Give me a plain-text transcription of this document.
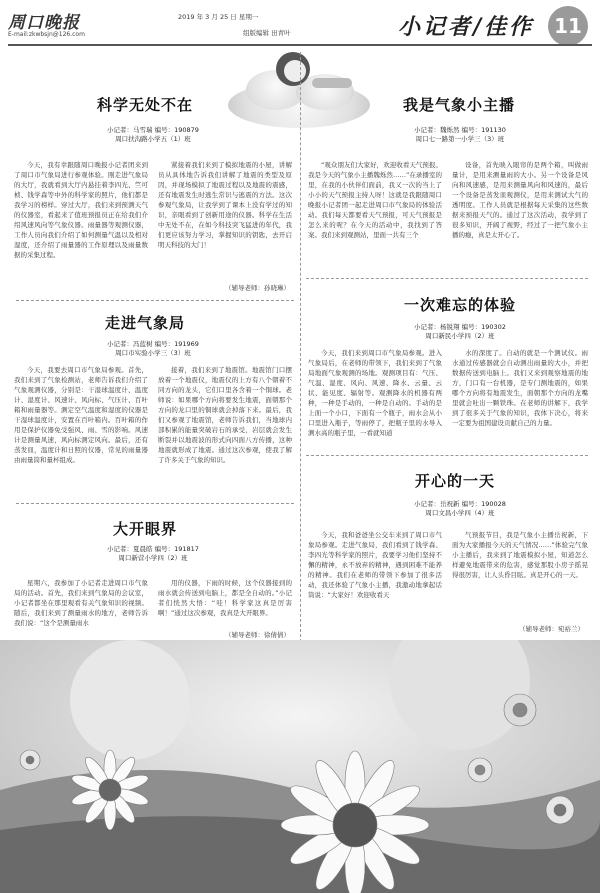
周口晚报
E-mail:zkwbsjn@126.com
2019 年 3 月 25 日 星期一
组版编辑 田青叶	小记者/佳作	11
科学无处不在
小记者：马雪瑞 编号：190879
周口扶沟路小学五（1）班
今天，我有幸跟随周口晚报小记者团来到了周口市气象局进行参观体验。刚走进气象局的大厅，我就看到大厅内悬挂着李四光、竺可桢、钱学森等中外的科学家的照片，他们都是我学习的榜样。穿过大厅，我们来到预测天气的仪器室，看起来了值班预报员正在给我们介绍风速风向等气象仪器。雨量器等观测仪器，工作人员向我们介绍了如何测量气温以及相对湿度，还介绍了雨量器的工作原理以及雨量数据的采集过程。
紧接着我们来到了模拟地震的小屋，讲解员从具体地告诉我们讲解了地震的类型及原因，并现场模拟了地震过程以及地震的震感，还有地震发生时逃生常识与逃震的方法。这次参观气象局，让我学到了课本上没有学过的知识，亲眼看到了创新用途的仪器。科学在生活中无处不在，在如今科技突飞猛进的年代，我们更应该努力学习，掌握知识的钥匙，去开启明天科技的大门！
（辅导老师：孙晓琳）
我是气象小主播
小记者：魏烁然 编号：191130
周口七一路第一小学三（3）班
“观众朋友们大家好，欢迎收看天气预报。我是今天的气象小主播魏烁然……”在录播室的里，在我的小伙伴们面前，我又一次的当上了小小的天气预报主持人呀！这就是我跟随周口晚报小记者团一起走进周口市气象局的体验活动。我们每天都要看天气预报，可天气预报是怎么来的呢？在今天的活动中，我找到了答案。我们来到观测站，里面一共有三个
设备，首先映入眼帘的是两个箱，叫做雨量计，是用来测量雨的大小。另一个设备是风向和风速感，是用来测量风向和风速的，最后一个设备是蒸发皿观测仪，是用来测试大气的透明度。工作人员就是根据每天采集的这些数据来预报天气的。通过了这次活动，我学到了很多知识，开阔了视野，经过了一把气象小主播的瘾，真是太开心了。
走进气象局
小记者：冯蓝树 编号：191969
周口市实验小学三（3）班
今天，我要去周口市气象局参观。首先，我们来到了气象检测站，老师告诉我们介绍了气象观测仪器，分别是：干湿球温度计、温度计、湿度计、风速计、风向标、气压计、百叶箱和雨量器等。测定空气温度和湿度的仪器是干湿球温度计，安置在百叶箱内。百叶箱的作用是保护仪器免受强风、雨、雪的影响。风速计是测量风速，风向标测定风向。最后，还有蒸发皿，温度计和日照的仪器，常见的雨量器由雨量筒和量杯组成。
接着，我们来到了地震馆。地震馆门口摆放着一个地震仪，地震仪的上方有八个朝着不同方向的龙头，它们口里各含着一个铜球。老师说：如果哪个方向将要发生地震，面朝那个方向的龙口里的铜球就会掉落下来。最后，我们又参观了地震馆，老师告诉我们，当地球内部积累的能量突破岩石的承受，岩层就会发生断裂并以地震波的形式向四面八方传播，这种地震就形成了地震。通过这次参观，使我了解了许多关于气象的知识。
大开眼界
小记者：夏晨皓 编号：191817
周口新营小学四（2）班
星期六，我参加了小记者走进周口市气象局的活动。首先，我们来到气象局的会议室，小记者都坐在那里观看有关气象知识的视频。随后，我们来到了测量雨水的地方，老师告诉我们说：“这个是测量雨水
用的仪器，下雨的时候，这个仪器接到的雨水就会传送到电脑上，都是全自动的。”小记者们恍然大悟：“哇！科学家这真是厉害啊！”通过这次参观，我真是大开眼界。
（辅导老师：徐倩倩）
一次难忘的体验
小记者：杨锐翔 编号：190302
周口新民小学四（2）班
今天，我们来到周口市气象局参观。进入气象局后，在老师的带领下，我们来到了气象局地面气象观测的场地。观测项目有：气压、气温、湿度、风向、风速、降水、云量、云状、能见度、辐射等。观测降水的机器有两种，一种是手动的，一种是自动的。手动的是上面一个小口，下面有一个瓶子，雨水会从小口里进入瓶子，等雨停了，把瓶子里的水导入测水高的瓶子里，一看就知道
水的深度了。自动的就是一个测试仪。雨水通过传感器就会自动测出雨量的大小，并把数据传送到电脑上。我们又来到观察地震的地方，门口有一台机器，是专门测地震的，如果哪个方向将有地震发生，面朝那个方向的龙嘴里就会吐出一颗铁珠。在老师的讲解下，我学到了很多关于气象的知识，我体下决心，将来一定要为祖国建设贡献自己的力量。
开心的一天
小记者：岳祝新 编号：190028
周口文昌小学四（4）班
今天，我和爸爸坐公交车来到了周口市气象局参观。走进气象局，我们看到了钱学森、李四光等科学家的照片，我要学习他们坚持不懈的精神，永不放弃的精神，遇到困难不能养的精神。我们在老师的带领下参加了很多活动，我还体验了气象小主播，我激动地拿起话筒说：“大家好！欢迎收看天
气预报节目，我是气象小主播岳祝新，下面为大家播报今天的天气情况……”体验完气象小主播后，我来到了地震模拟小屋，知道怎么样避免地震带来的危害，感觉那股小房子摇晃得很厉害，让人头昏目眩。真是开心的一天。
（辅导老师：宛裕兰）
